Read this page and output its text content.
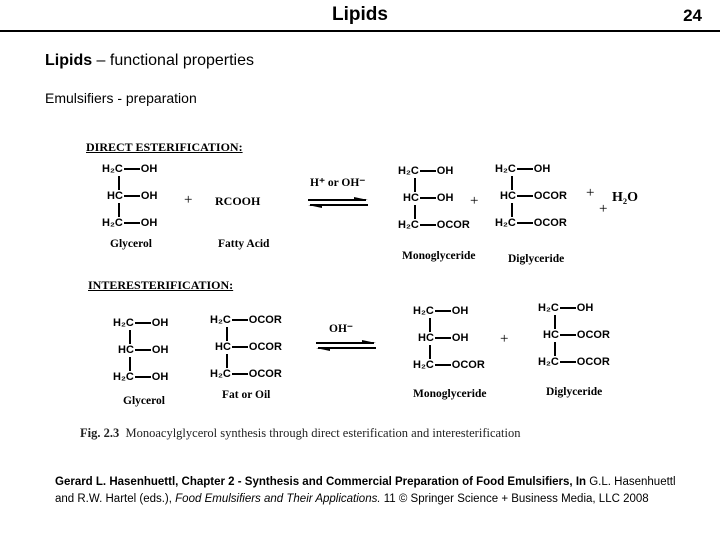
Lipids	24
Lipids – functional properties
Emulsifiers - preparation
DIRECT ESTERIFICATION:
H₂C OH
HC OH
H₂C OH
Glycerol
+ RCOOH
Fatty Acid
H⁺ or OH⁻
H₂C OH
HC OH
H₂C OCOR
Monoglyceride
+
H₂C OH
HC OCOR
H₂C OCOR
Diglyceride
+
+
H₂O
INTERESTERIFICATION:
H₂C OH
HC OH
H₂C OH
Glycerol
H₂C OCOR
HC OCOR
H₂C OCOR
Fat or Oil
OH⁻
H₂C OH
HC OH
H₂C OCOR
Monoglyceride
+
H₂C OH
HC OCOR
H₂C OCOR
Diglyceride
Fig. 2.3 Monoacylglycerol synthesis through direct esterification and interesterification
Gerard L. Hasenhuettl, Chapter 2 - Synthesis and Commercial Preparation of Food Emulsifiers, In G.L. Hasenhuettl
and R.W. Hartel (eds.), Food Emulsifiers and Their Applications. 11 © Springer Science + Business Media, LLC 2008
